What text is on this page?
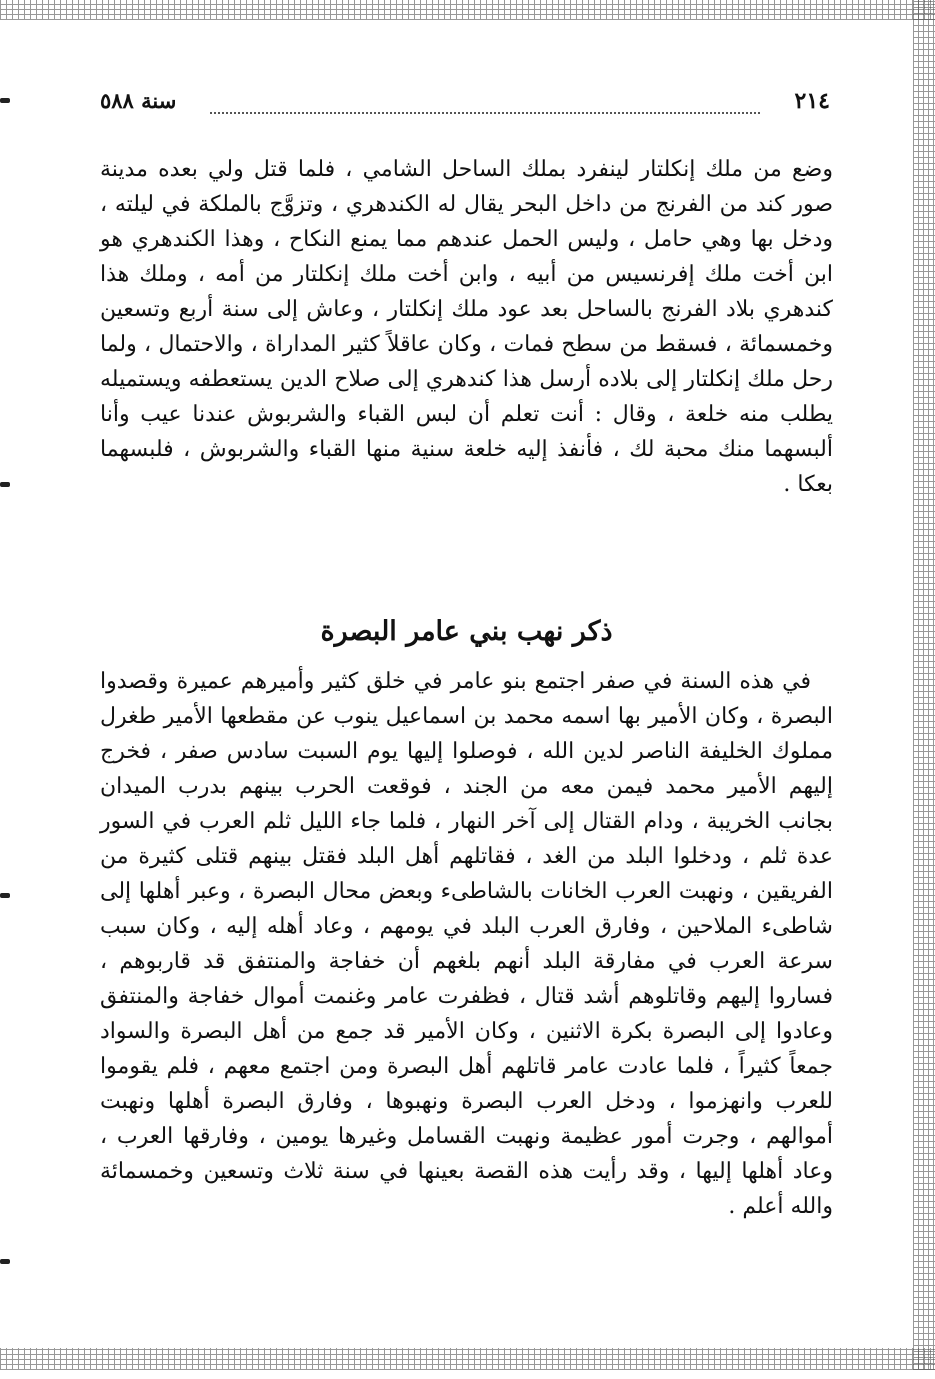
٢١٤
سنة ٥٨٨

وضع من ملك إنكلتار لينفرد بملك الساحل الشامي ، فلما قتل ولي بعده مدينة صور كند من الفرنج من داخل البحر يقال له الكندهري ، وتزوَّج بالملكة في ليلته ، ودخل بها وهي حامل ، وليس الحمل عندهم مما يمنع النكاح ، وهذا الكندهري هو ابن أخت ملك إفرنسيس من أبيه ، وابن أخت ملك إنكلتار من أمه ، وملك هذا كندهري بلاد الفرنج بالساحل بعد عود ملك إنكلتار ، وعاش إلى سنة أربع وتسعين وخمسمائة ، فسقط من سطح فمات ، وكان عاقلاً كثير المداراة ، والاحتمال ، ولما رحل ملك إنكلتار إلى بلاده أرسل هذا كندهري إلى صلاح الدين يستعطفه ويستميله يطلب منه خلعة ، وقال : أنت تعلم أن لبس القباء والشربوش عندنا عيب وأنا ألبسهما منك محبة لك ، فأنفذ إليه خلعة سنية منها القباء والشربوش ، فلبسهما بعكا .

ذكر نهب بني عامر البصرة

في هذه السنة في صفر اجتمع بنو عامر في خلق كثير وأميرهم عميرة وقصدوا البصرة ، وكان الأمير بها اسمه محمد بن اسماعيل ينوب عن مقطعها الأمير طغرل مملوك الخليفة الناصر لدين الله ، فوصلوا إليها يوم السبت سادس صفر ، فخرج إليهم الأمير محمد فيمن معه من الجند ، فوقعت الحرب بينهم بدرب الميدان بجانب الخريبة ، ودام القتال إلى آخر النهار ، فلما جاء الليل ثلم العرب في السور عدة ثلم ، ودخلوا البلد من الغد ، فقاتلهم أهل البلد فقتل بينهم قتلى كثيرة من الفريقين ، ونهبت العرب الخانات بالشاطىء وبعض محال البصرة ، وعبر أهلها إلى شاطىء الملاحين ، وفارق العرب البلد في يومهم ، وعاد أهله إليه ، وكان سبب سرعة العرب في مفارقة البلد أنهم بلغهم أن خفاجة والمنتفق قد قاربوهم ، فساروا إليهم وقاتلوهم أشد قتال ، فظفرت عامر وغنمت أموال خفاجة والمنتفق وعادوا إلى البصرة بكرة الاثنين ، وكان الأمير قد جمع من أهل البصرة والسواد جمعاً كثيراً ، فلما عادت عامر قاتلهم أهل البصرة ومن اجتمع معهم ، فلم يقوموا للعرب وانهزموا ، ودخل العرب البصرة ونهبوها ، وفارق البصرة أهلها ونهبت أموالهم ، وجرت أمور عظيمة ونهبت القسامل وغيرها يومين ، وفارقها العرب ، وعاد أهلها إليها ، وقد رأيت هذه القصة بعينها في سنة ثلاث وتسعين وخمسمائة والله أعلم .
